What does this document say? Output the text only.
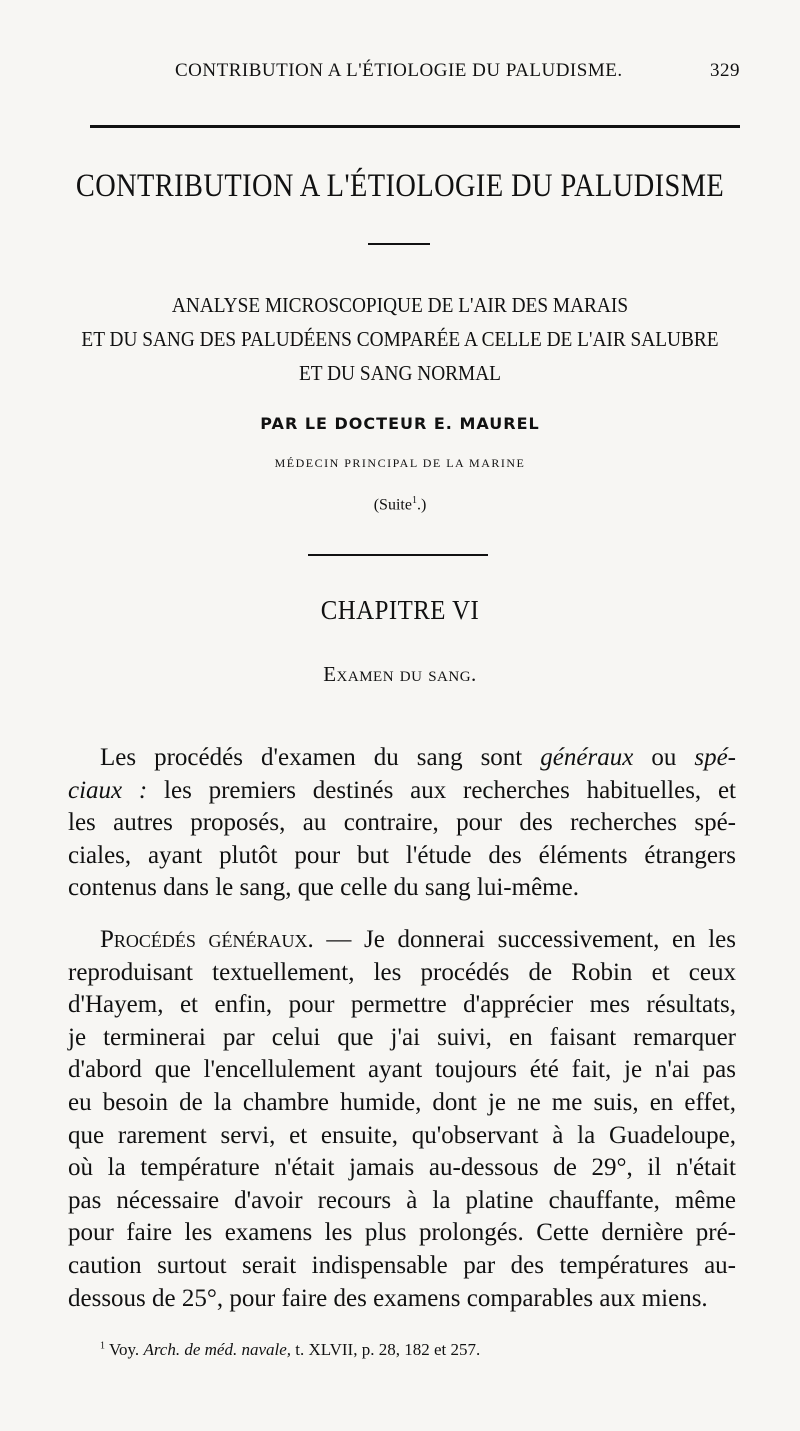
CONTRIBUTION A L'ÉTIOLOGIE DU PALUDISME.	329
CONTRIBUTION A L'ÉTIOLOGIE DU PALUDISME
ANALYSE MICROSCOPIQUE DE L'AIR DES MARAIS
ET DU SANG DES PALUDÉENS COMPARÉE A CELLE DE L'AIR SALUBRE
ET DU SANG NORMAL
PAR LE DOCTEUR E. MAUREL
MÉDECIN PRINCIPAL DE LA MARINE
(Suite$^1$.)
CHAPITRE VI
Examen du sang.
Les procédés d'examen du sang sont généraux ou spé-
ciaux : les premiers destinés aux recherches habituelles, et
les autres proposés, au contraire, pour des recherches spé-
ciales, ayant plutôt pour but l'étude des éléments étrangers
contenus dans le sang, que celle du sang lui-même.
Procédés généraux. — Je donnerai successivement, en les
reproduisant textuellement, les procédés de Robin et ceux
d'Hayem, et enfin, pour permettre d'apprécier mes résultats,
je terminerai par celui que j'ai suivi, en faisant remarquer
d'abord que l'encellulement ayant toujours été fait, je n'ai pas
eu besoin de la chambre humide, dont je ne me suis, en effet,
que rarement servi, et ensuite, qu'observant à la Guadeloupe,
où la température n'était jamais au-dessous de 29°, il n'était
pas nécessaire d'avoir recours à la platine chauffante, même
pour faire les examens les plus prolongés. Cette dernière pré-
caution surtout serait indispensable par des températures au-
dessous de 25°, pour faire des examens comparables aux miens.
$^1$ Voy. Arch. de méd. navale, t. XLVII, p. 28, 182 et 257.
